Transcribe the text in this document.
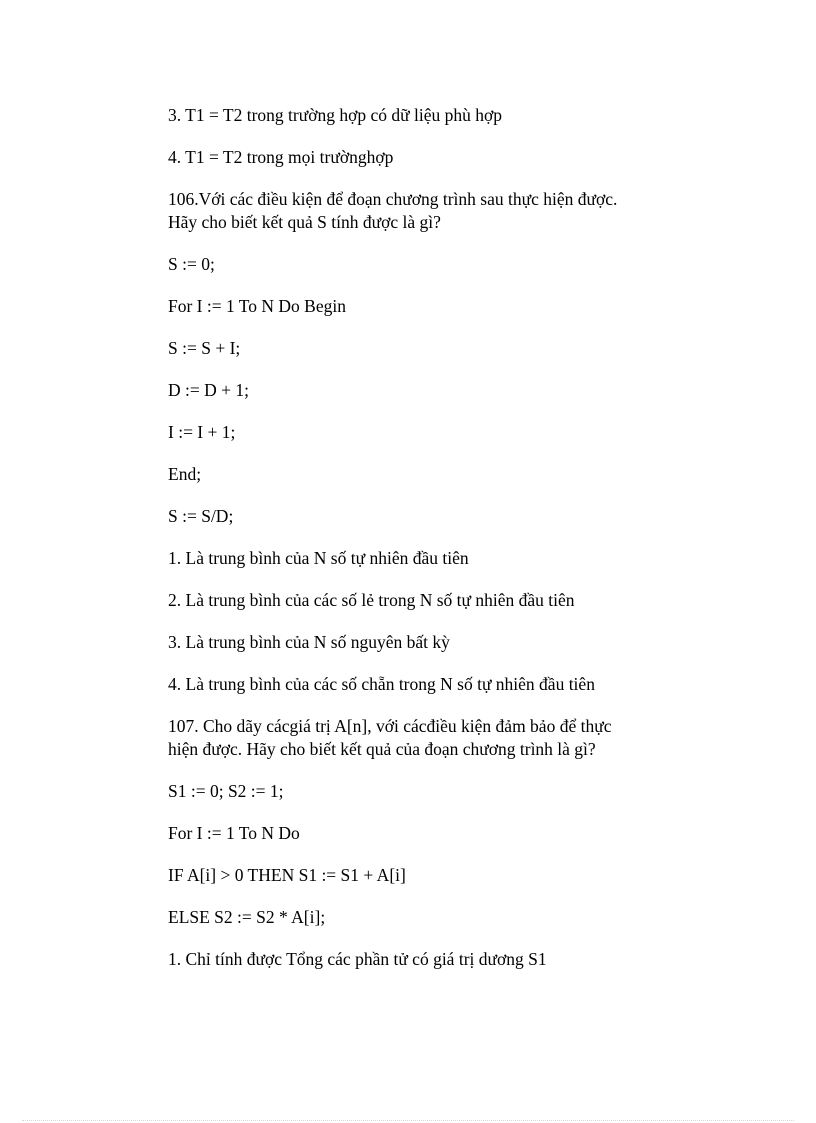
3. T1 = T2 trong trường hợp có dữ liệu phù hợp

4. T1 = T2 trong mọi trườnghợp

106.Với các điều kiện để đoạn chương trình sau thực hiện được.
Hãy cho biết kết quả S tính được là gì?

S := 0;

For I := 1 To N Do Begin

S := S + I;

D := D + 1;

I := I + 1;

End;

S := S/D;

1. Là trung bình của N số tự nhiên đầu tiên

2. Là trung bình của các số lẻ trong N số tự nhiên đầu tiên

3. Là trung bình của N số nguyên bất kỳ

4. Là trung bình của các số chẵn trong N số tự nhiên đầu tiên

107. Cho dãy cácgiá trị A[n], với cácđiều kiện đảm bảo để thực
hiện được. Hãy cho biết kết quả của đoạn chương trình là gì?

S1 := 0; S2 := 1;

For I := 1 To N Do

IF A[i] > 0 THEN S1 := S1 + A[i]

ELSE S2 := S2 * A[i];

1. Chỉ tính được Tổng các phần tử có giá trị dương S1
